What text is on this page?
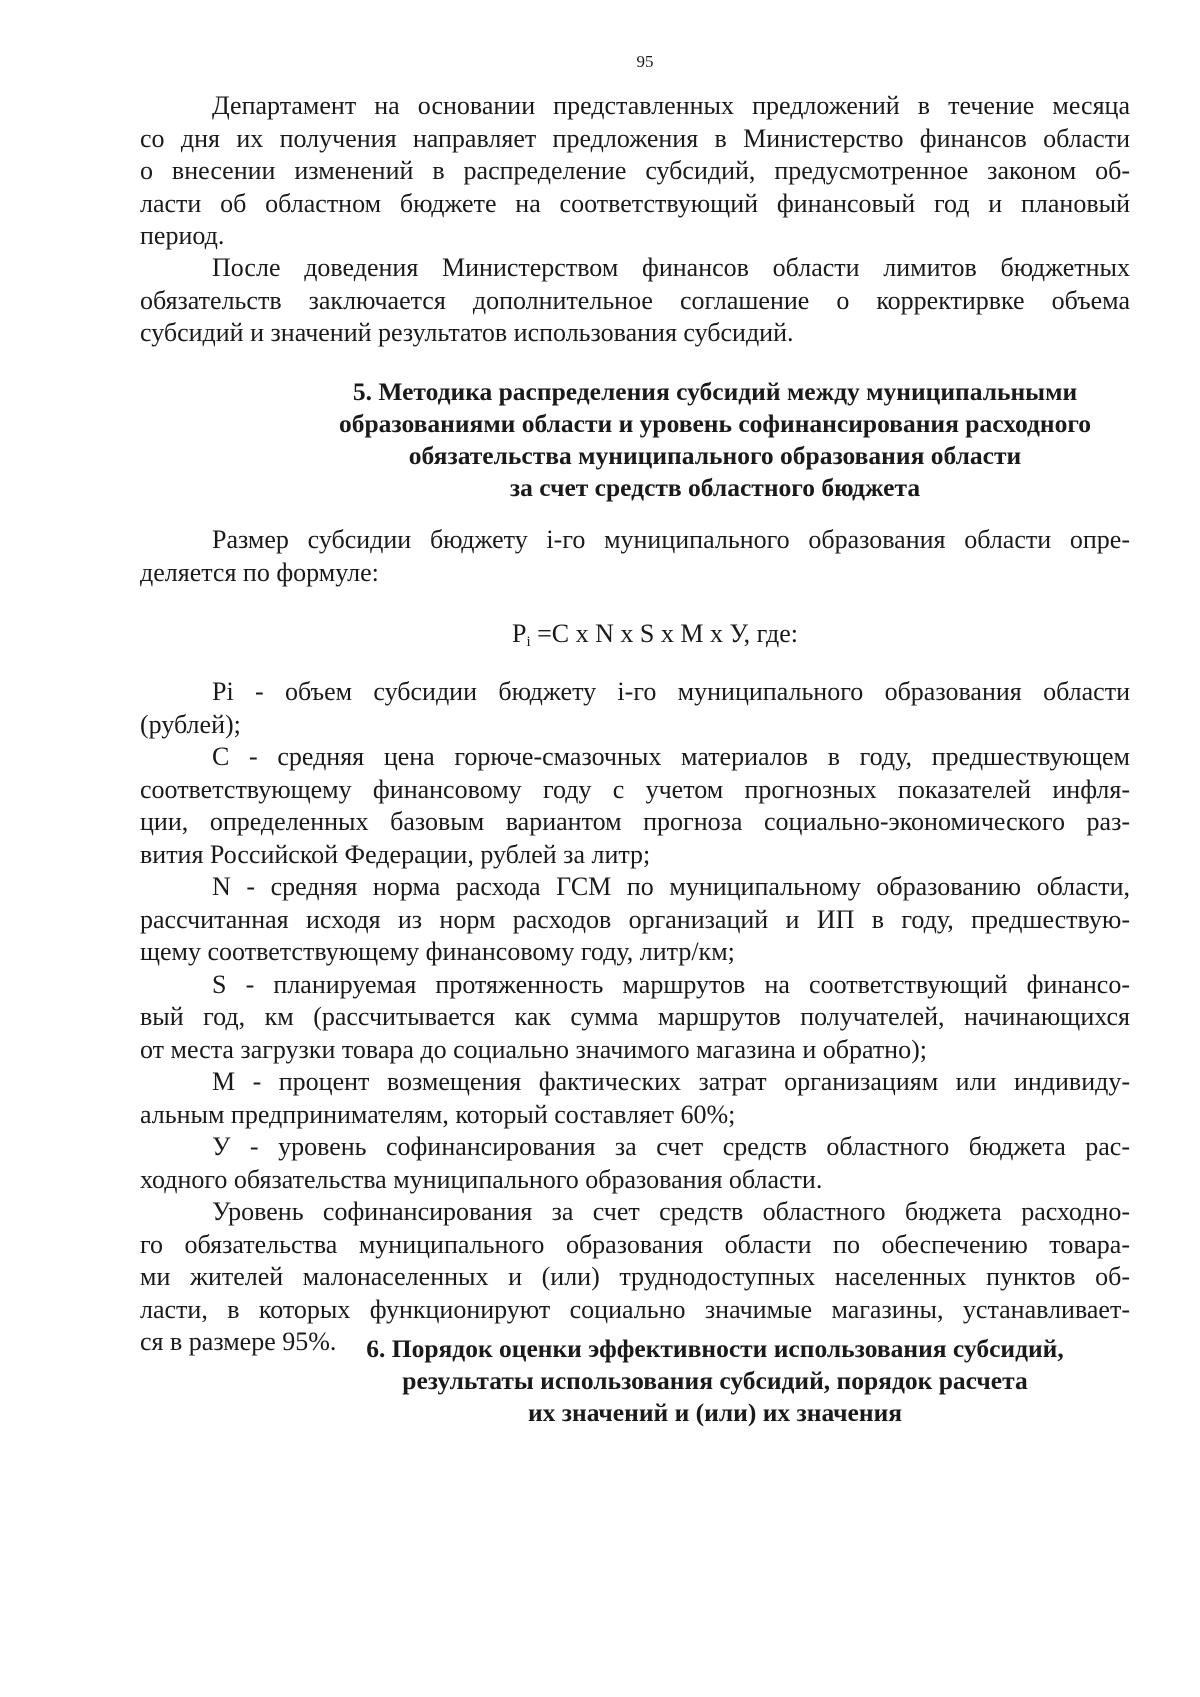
95
Департамент на основании представленных предложений в течение месяца
со дня их получения направляет предложения в Министерство финансов области
о внесении изменений в распределение субсидий, предусмотренное законом об-
ласти об областном бюджете на соответствующий финансовый год и плановый
период.
После доведения Министерством финансов области лимитов бюджетных
обязательств заключается дополнительное соглашение о корректирвке объема
субсидий и значений результатов использования субсидий.
5. Методика распределения субсидий между муниципальными
образованиями области и уровень софинансирования расходного
обязательства муниципального образования области
за счет средств областного бюджета
Размер субсидии бюджету i-го муниципального образования области опре-
деляется по формуле:
$P_i =С$ х N х S х М х У, где:
Pi - объем субсидии бюджету i-го муниципального образования области
(рублей);
С - средняя цена горюче-смазочных материалов в году, предшествующем
соответствующему финансовому году с учетом прогнозных показателей инфля-
ции, определенных базовым вариантом прогноза социально-экономического раз-
вития Российской Федерации, рублей за литр;
N - средняя норма расхода ГСМ по муниципальному образованию области,
рассчитанная исходя из норм расходов организаций и ИП в году, предшествую-
щему соответствующему финансовому году, литр/км;
S - планируемая протяженность маршрутов на соответствующий финансо-
вый год, км (рассчитывается как сумма маршрутов получателей, начинающихся
от места загрузки товара до социально значимого магазина и обратно);
М - процент возмещения фактических затрат организациям или индивиду-
альным предпринимателям, который составляет 60%;
У - уровень софинансирования за счет средств областного бюджета рас-
ходного обязательства муниципального образования области.
Уровень софинансирования за счет средств областного бюджета расходно-
го обязательства муниципального образования области по обеспечению товара-
ми жителей малонаселенных и (или) труднодоступных населенных пунктов об-
ласти, в которых функционируют социально значимые магазины, устанавливает-
ся в размере 95%.	6. Порядок оценки эффективности использования субсидий,
результаты использования субсидий, порядок расчета
их значений и (или) их значения
